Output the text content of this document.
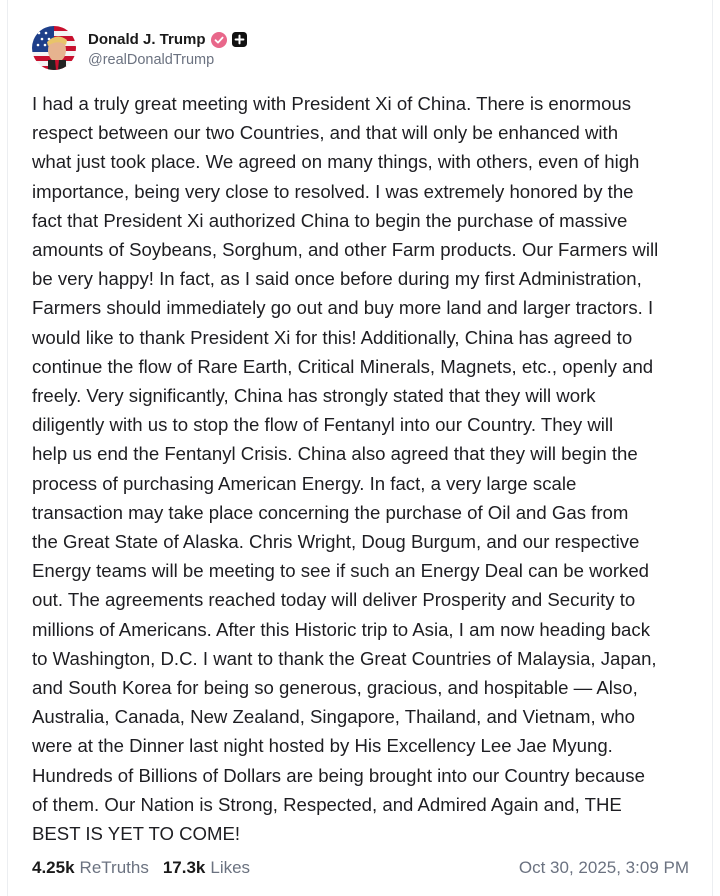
Donald J. Trump
@realDonaldTrump
I had a truly great meeting with President Xi of China. There is enormous
respect between our two Countries, and that will only be enhanced with
what just took place. We agreed on many things, with others, even of high
importance, being very close to resolved. I was extremely honored by the
fact that President Xi authorized China to begin the purchase of massive
amounts of Soybeans, Sorghum, and other Farm products. Our Farmers will
be very happy! In fact, as I said once before during my first Administration,
Farmers should immediately go out and buy more land and larger tractors. I
would like to thank President Xi for this! Additionally, China has agreed to
continue the flow of Rare Earth, Critical Minerals, Magnets, etc., openly and
freely. Very significantly, China has strongly stated that they will work
diligently with us to stop the flow of Fentanyl into our Country. They will
help us end the Fentanyl Crisis. China also agreed that they will begin the
process of purchasing American Energy. In fact, a very large scale
transaction may take place concerning the purchase of Oil and Gas from
the Great State of Alaska. Chris Wright, Doug Burgum, and our respective
Energy teams will be meeting to see if such an Energy Deal can be worked
out. The agreements reached today will deliver Prosperity and Security to
millions of Americans. After this Historic trip to Asia, I am now heading back
to Washington, D.C. I want to thank the Great Countries of Malaysia, Japan,
and South Korea for being so generous, gracious, and hospitable — Also,
Australia, Canada, New Zealand, Singapore, Thailand, and Vietnam, who
were at the Dinner last night hosted by His Excellency Lee Jae Myung.
Hundreds of Billions of Dollars are being brought into our Country because
of them. Our Nation is Strong, Respected, and Admired Again and, THE
BEST IS YET TO COME!
4.25k ReTruths 17.3k Likes	Oct 30, 2025, 3:09 PM
